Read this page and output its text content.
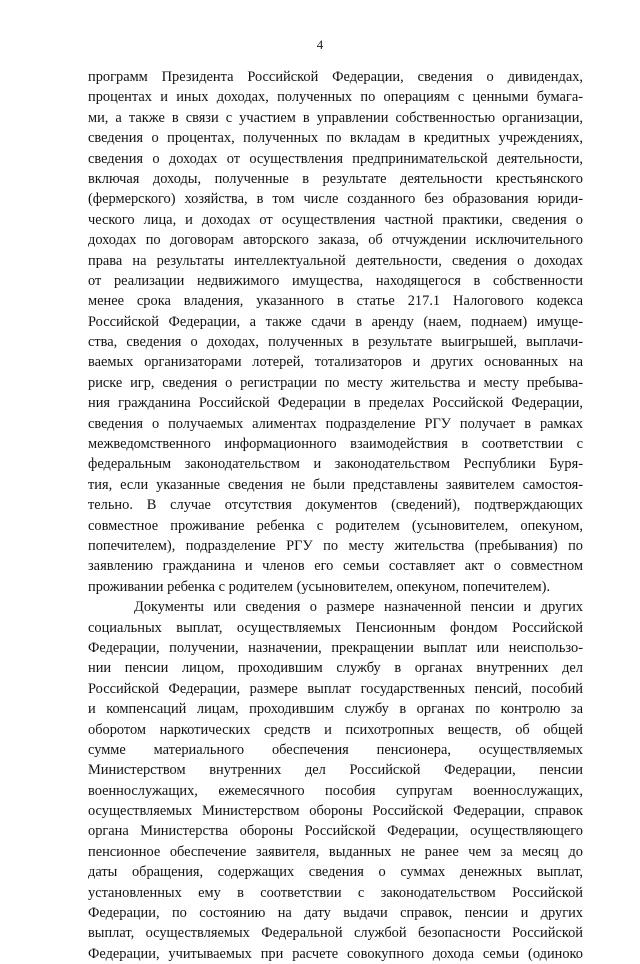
4
программ Президента Российской Федерации, сведения о дивидендах,
процентах и иных доходах, полученных по операциям с ценными бумага-
ми, а также в связи с участием в управлении собственностью организации,
сведения о процентах, полученных по вкладам в кредитных учреждениях,
сведения о доходах от осуществления предпринимательской деятельности,
включая доходы, полученные в результате деятельности крестьянского
(фермерского) хозяйства, в том числе созданного без образования юриди-
ческого лица, и доходах от осуществления частной практики, сведения о
доходах по договорам авторского заказа, об отчуждении исключительного
права на результаты интеллектуальной деятельности, сведения о доходах
от реализации недвижимого имущества, находящегося в собственности
менее срока владения, указанного в статье 217.1 Налогового кодекса
Российской Федерации, а также сдачи в аренду (наем, поднаем) имуще-
ства, сведения о доходах, полученных в результате выигрышей, выплачи-
ваемых организаторами лотерей, тотализаторов и других основанных на
риске игр, сведения о регистрации по месту жительства и месту пребыва-
ния гражданина Российской Федерации в пределах Российской Федерации,
сведения о получаемых алиментах подразделение РГУ получает в рамках
межведомственного информационного взаимодействия в соответствии с
федеральным законодательством и законодательством Республики Буря-
тия, если указанные сведения не были представлены заявителем самостоя-
тельно. В случае отсутствия документов (сведений), подтверждающих
совместное проживание ребенка с родителем (усыновителем, опекуном,
попечителем), подразделение РГУ по месту жительства (пребывания) по
заявлению гражданина и членов его семьи составляет акт о совместном
проживании ребенка с родителем (усыновителем, опекуном, попечителем).
Документы или сведения о размере назначенной пенсии и других
социальных выплат, осуществляемых Пенсионным фондом Российской
Федерации, получении, назначении, прекращении выплат или неиспользо-
нии пенсии лицом, проходившим службу в органах внутренних дел
Российской Федерации, размере выплат государственных пенсий, пособий
и компенсаций лицам, проходившим службу в органах по контролю за
оборотом наркотических средств и психотропных веществ, об общей
сумме материального обеспечения пенсионера, осуществляемых
Министерством внутренних дел Российской Федерации, пенсии
военнослужащих, ежемесячного пособия супругам военнослужащих,
осуществляемых Министерством обороны Российской Федерации, справок
органа Министерства обороны Российской Федерации, осуществляющего
пенсионное обеспечение заявителя, выданных не ранее чем за месяц до
даты обращения, содержащих сведения о суммах денежных выплат,
установленных ему в соответствии с законодательством Российской
Федерации, по состоянию на дату выдачи справок, пенсии и других
выплат, осуществляемых Федеральной службой безопасности Российской
Федерации, учитываемых при расчете совокупного дохода семьи (одиноко
